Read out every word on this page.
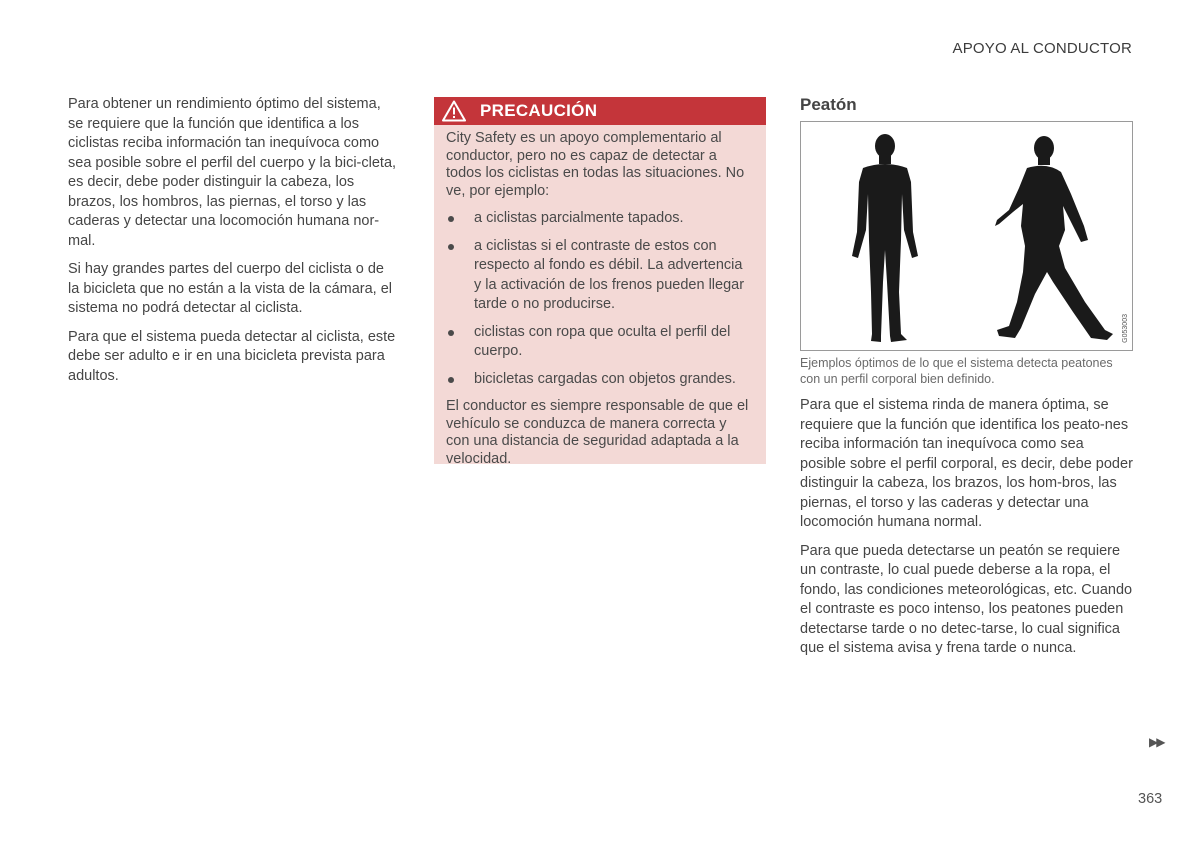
APOYO AL CONDUCTOR

Para obtener un rendimiento óptimo del sistema, se requiere que la función que identifica a los ciclistas reciba información tan inequívoca como sea posible sobre el perfil del cuerpo y la bici-cleta, es decir, debe poder distinguir la cabeza, los brazos, los hombros, las piernas, el torso y las caderas y detectar una locomoción humana nor-mal.

Si hay grandes partes del cuerpo del ciclista o de la bicicleta que no están a la vista de la cámara, el sistema no podrá detectar al ciclista.

Para que el sistema pueda detectar al ciclista, este debe ser adulto e ir en una bicicleta prevista para adultos.

PRECAUCIÓN

City Safety es un apoyo complementario al conductor, pero no es capaz de detectar a todos los ciclistas en todas las situaciones. No ve, por ejemplo:

a ciclistas parcialmente tapados.
a ciclistas si el contraste de estos con respecto al fondo es débil. La advertencia y la activación de los frenos pueden llegar tarde o no producirse.
ciclistas con ropa que oculta el perfil del cuerpo.
bicicletas cargadas con objetos grandes.

El conductor es siempre responsable de que el vehículo se conduzca de manera correcta y con una distancia de seguridad adaptada a la velocidad.

Peatón
G053003
Ejemplos óptimos de lo que el sistema detecta peatones con un perfil corporal bien definido.

Para que el sistema rinda de manera óptima, se requiere que la función que identifica los peato-nes reciba información tan inequívoca como sea posible sobre el perfil corporal, es decir, debe poder distinguir la cabeza, los brazos, los hom-bros, las piernas, el torso y las caderas y detectar una locomoción humana normal.

Para que pueda detectarse un peatón se requiere un contraste, lo cual puede deberse a la ropa, el fondo, las condiciones meteorológicas, etc. Cuando el contraste es poco intenso, los peatones pueden detectarse tarde o no detec-tarse, lo cual significa que el sistema avisa y frena tarde o nunca.

▶▶
363
